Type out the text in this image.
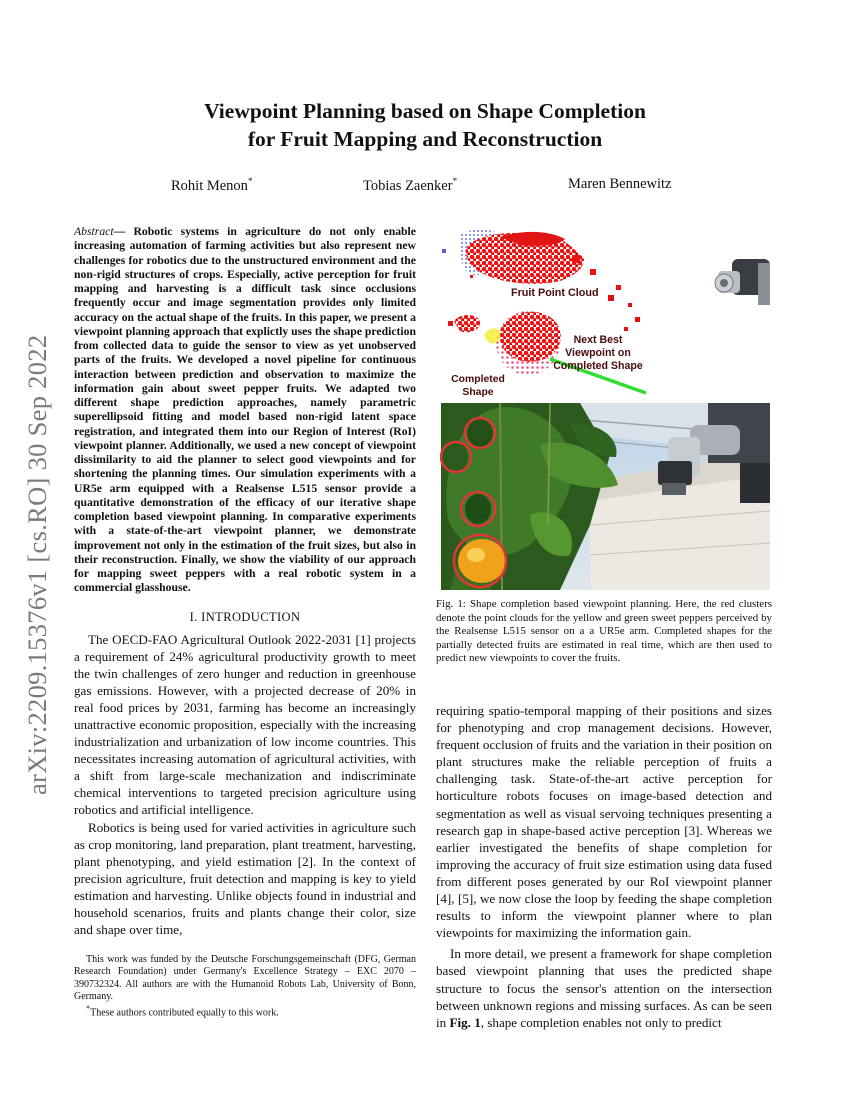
arXiv:2209.15376v1 [cs.RO] 30 Sep 2022
Viewpoint Planning based on Shape Completion
for Fruit Mapping and Reconstruction
Rohit Menon*	Tobias Zaenker*	Maren Bennewitz

Abstract— Robotic systems in agriculture do not only enable increasing automation of farming activities but also represent new challenges for robotics due to the unstructured environment and the non-rigid structures of crops. Especially, active perception for fruit mapping and harvesting is a difficult task since occlusions frequently occur and image segmentation provides only limited accuracy on the actual shape of the fruits. In this paper, we present a viewpoint planning approach that explictly uses the shape prediction from collected data to guide the sensor to view as yet unobserved parts of the fruits. We developed a novel pipeline for continuous interaction between prediction and observation to maximize the information gain about sweet pepper fruits. We adapted two different shape prediction approaches, namely parametric superellipsoid fitting and model based non-rigid latent space registration, and integrated them into our Region of Interest (RoI) viewpoint planner. Additionally, we used a new concept of viewpoint dissimilarity to aid the planner to select good viewpoints and for shortening the planning times. Our simulation experiments with a UR5e arm equipped with a Realsense L515 sensor provide a quantitative demonstration of the efficacy of our iterative shape completion based viewpoint planning. In comparative experiments with a state-of-the-art viewpoint planner, we demonstrate improvement not only in the estimation of the fruit sizes, but also in their reconstruction. Finally, we show the viability of our approach for mapping sweet peppers with a real robotic system in a commercial glasshouse.

I. INTRODUCTION

The OECD-FAO Agricultural Outlook 2022-2031 [1] projects a requirement of 24% agricultural productivity growth to meet the twin challenges of zero hunger and reduction in greenhouse gas emissions. However, with a projected decrease of 20% in real food prices by 2031, farming has become an increasingly unattractive economic proposition, especially with the increasing industrialization and urbanization of low income countries. This necessitates increasing automation of agricultural activities, with a shift from large-scale mechanization and indiscriminate chemical interventions to targeted precision agriculture using robotics and artificial intelligence.

Robotics is being used for varied activities in agriculture such as crop monitoring, land preparation, plant treatment, harvesting, plant phenotyping, and yield estimation [2]. In the context of precision agriculture, fruit detection and mapping is key to yield estimation and harvesting. Unlike objects found in industrial and household scenarios, fruits and plants change their color, size and shape over time,

This work was funded by the Deutsche Forschungsgemeinschaft (DFG, German Research Foundation) under Germany's Excellence Strategy – EXC 2070 – 390732324. All authors are with the Humanoid Robots Lab, University of Bonn, Germany.

*These authors contributed equally to this work.

Fruit Point Cloud
Next Best
Viewpoint on
Completed Shape
Completed
Shape
Fig. 1: Shape completion based viewpoint planning. Here, the red clusters denote the point clouds for the yellow and green sweet peppers perceived by the Realsense L515 sensor on a a UR5e arm. Completed shapes for the partially detected fruits are estimated in real time, which are then used to predict new viewpoints to cover the fruits.

requiring spatio-temporal mapping of their positions and sizes for phenotyping and crop management decisions. However, frequent occlusion of fruits and the variation in their position on plant structures make the reliable perception of fruits a challenging task. State-of-the-art active perception for horticulture robots focuses on image-based detection and segmentation as well as visual servoing techniques presenting a research gap in shape-based active perception [3]. Whereas we earlier investigated the benefits of shape completion for improving the accuracy of fruit size estimation using data fused from different poses generated by our RoI viewpoint planner [4], [5], we now close the loop by feeding the shape completion results to inform the viewpoint planner where to plan viewpoints for maximizing the information gain.

In more detail, we present a framework for shape completion based viewpoint planning that uses the predicted shape structure to focus the sensor's attention on the intersection between unknown regions and missing surfaces. As can be seen in Fig. 1, shape completion enables not only to predict
